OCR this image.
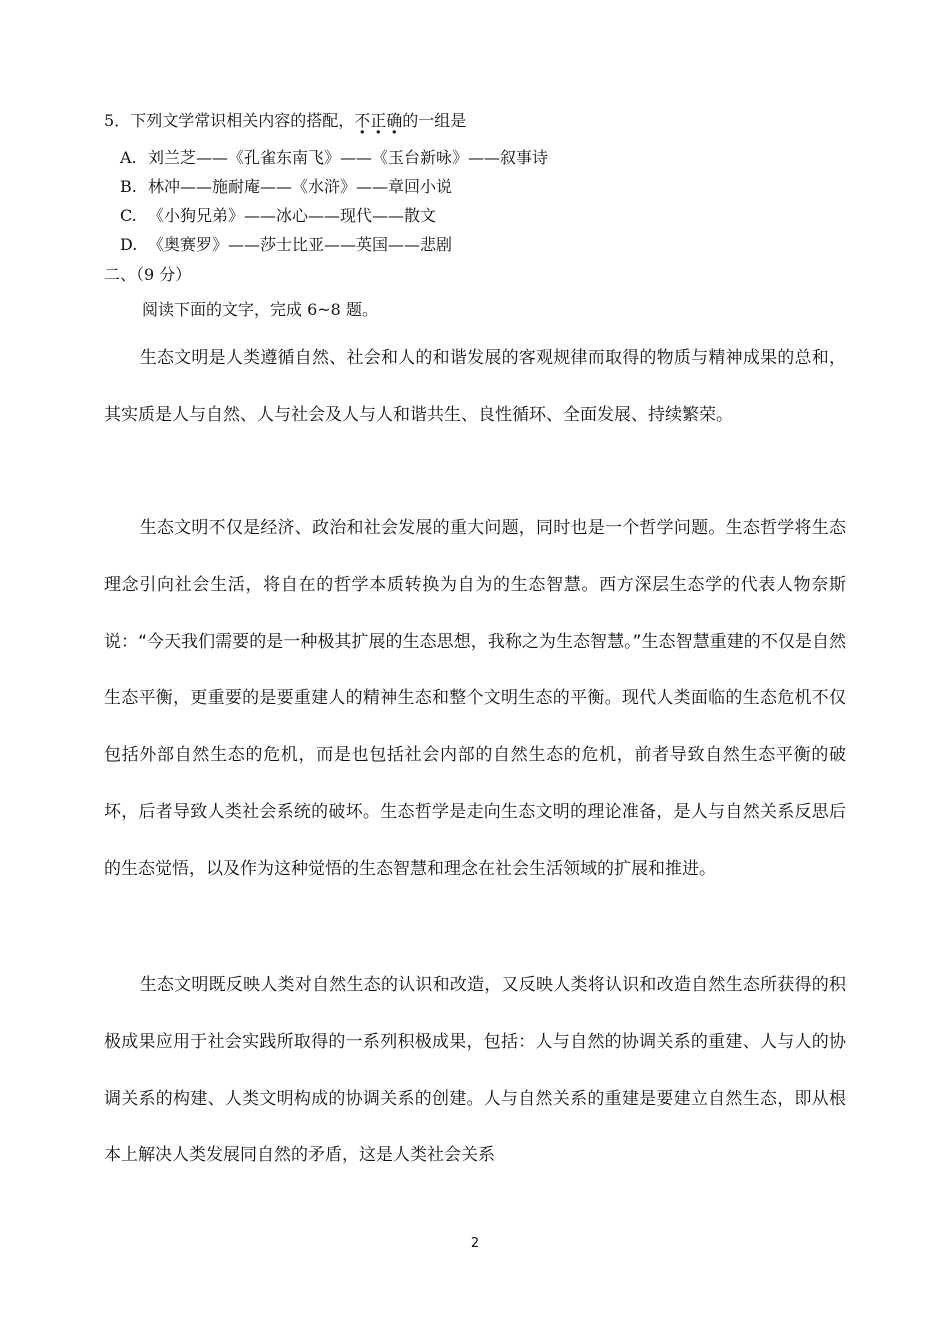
5．下列文学常识相关内容的搭配，不正确的一组是
A. 刘兰芝——《孔雀东南飞》——《玉台新咏》——叙事诗
B. 林冲——施耐庵——《水浒》——章回小说
C. 《小狗兄弟》——冰心——现代——散文
D. 《奥赛罗》——莎士比亚——英国——悲剧
二、（9 分）
阅读下面的文字，完成 6~8 题。

生态文明是人类遵循自然、社会和人的和谐发展的客观规律而取得的物质与精神成果的总和，其实质是人与自然、人与社会及人与人和谐共生、良性循环、全面发展、持续繁荣。

生态文明不仅是经济、政治和社会发展的重大问题，同时也是一个哲学问题。生态哲学将生态理念引向社会生活，将自在的哲学本质转换为自为的生态智慧。西方深层生态学的代表人物奈斯说：“今天我们需要的是一种极其扩展的生态思想，我称之为生态智慧。”生态智慧重建的不仅是自然生态平衡，更重要的是要重建人的精神生态和整个文明生态的平衡。现代人类面临的生态危机不仅包括外部自然生态的危机，而是也包括社会内部的自然生态的危机，前者导致自然生态平衡的破坏，后者导致人类社会系统的破坏。生态哲学是走向生态文明的理论准备，是人与自然关系反思后的生态觉悟，以及作为这种觉悟的生态智慧和理念在社会生活领域的扩展和推进。

生态文明既反映人类对自然生态的认识和改造，又反映人类将认识和改造自然生态所获得的积极成果应用于社会实践所取得的一系列积极成果，包括：人与自然的协调关系的重建、人与人的协调关系的构建、人类文明构成的协调关系的创建。人与自然关系的重建是要建立自然生态，即从根本上解决人类发展同自然的矛盾，这是人类社会关系

2
